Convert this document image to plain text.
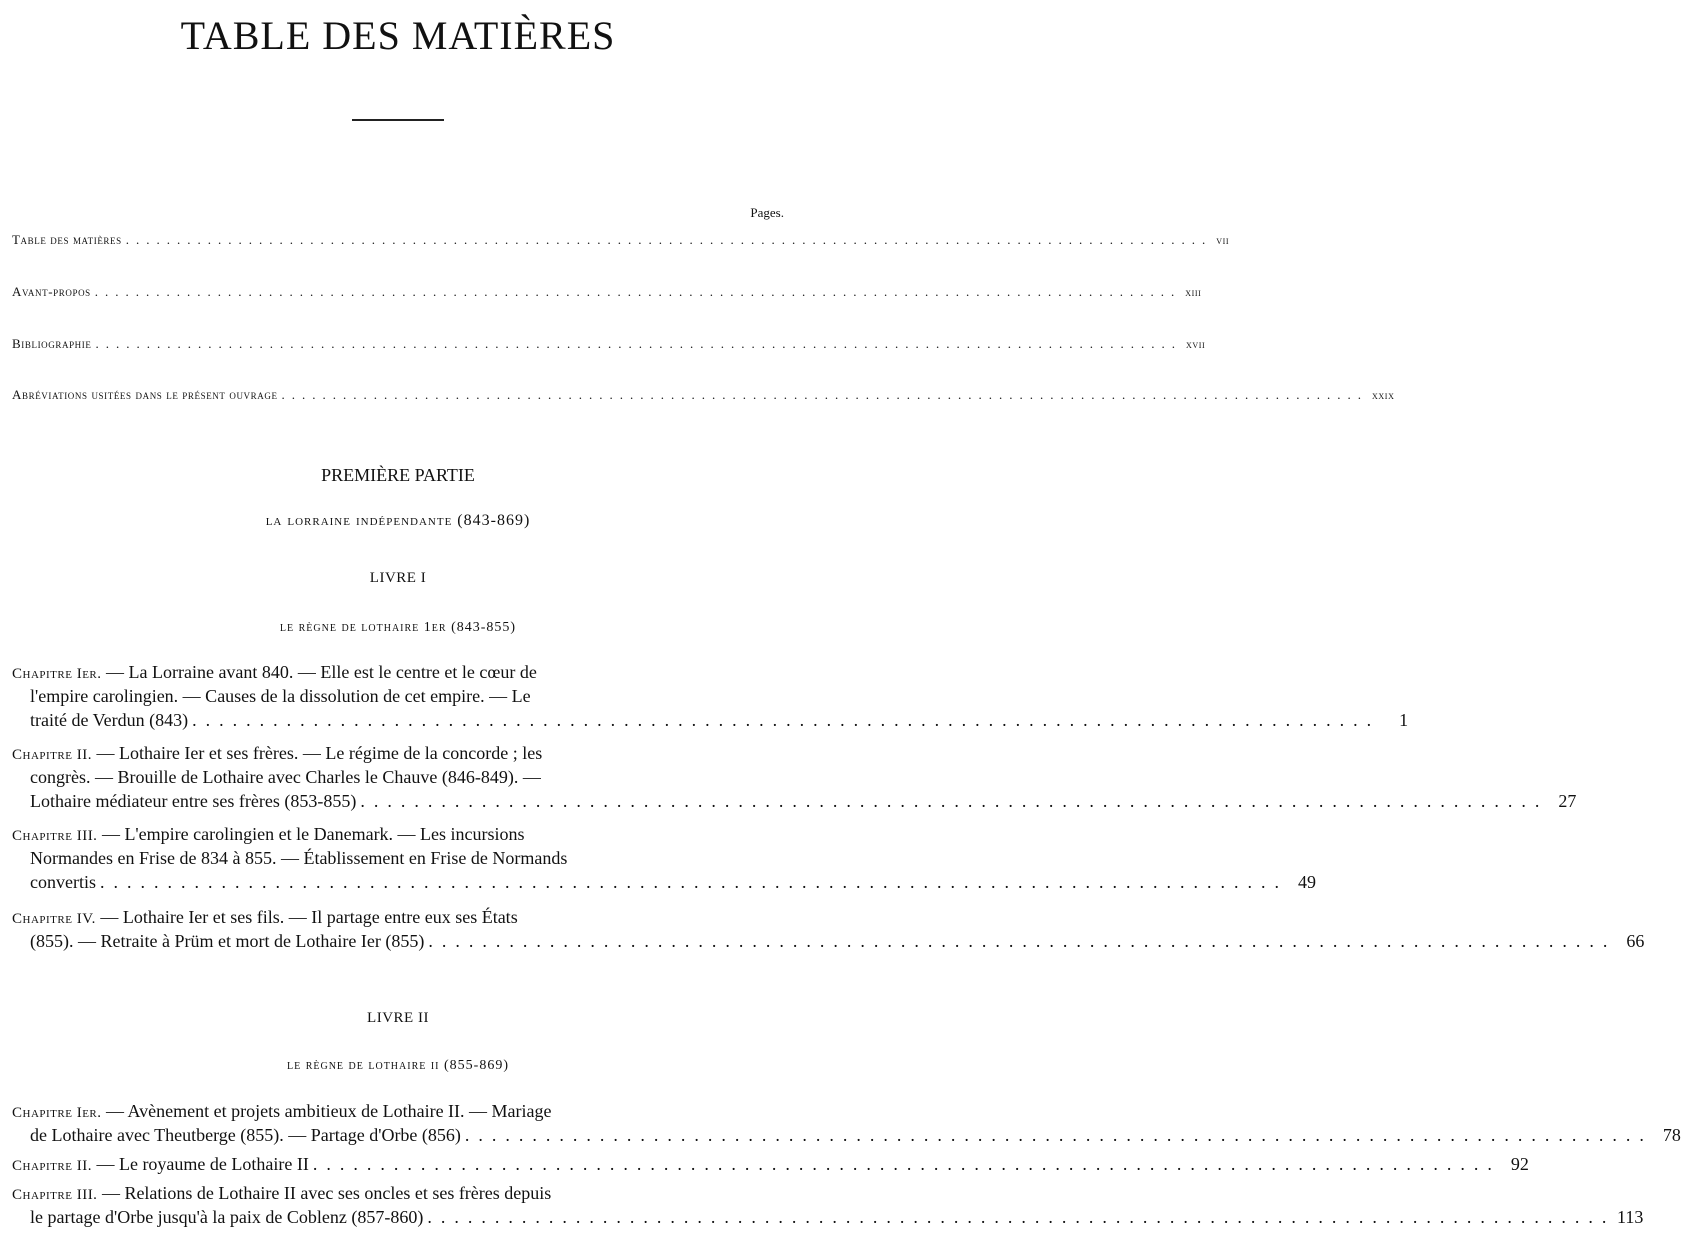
TABLE DES MATIÈRES
Pages.
Table des matières .......................................................................................................... vii
Avant-propos .......................................................................................................... xiii
Bibliographie .......................................................................................................... xvii
Abréviations usitées dans le présent ouvrage .......................................................................................................... xxix
PREMIÈRE PARTIE
la lorraine indépendante (843-869)
LIVRE I
le règne de lothaire 1er (843-855)
Chapitre Ier. — La Lorraine avant 840. — Elle est le centre et le cœur de
l'empire carolingien. — Causes de la dissolution de cet empire. — Le
traité de Verdun (843) ........................................................................................	1
Chapitre II. — Lothaire Ier et ses frères. — Le régime de la concorde ; les
congrès. — Brouille de Lothaire avec Charles le Chauve (846-849). —
Lothaire médiateur entre ses frères (853-855) ........................................................................................ 27
Chapitre III. — L'empire carolingien et le Danemark. — Les incursions
Normandes en Frise de 834 à 855. — Établissement en Frise de Normands
convertis ........................................................................................ 49
Chapitre IV. — Lothaire Ier et ses fils. — Il partage entre eux ses États
(855). — Retraite à Prüm et mort de Lothaire Ier (855) ........................................................................................ 66
LIVRE II
le règne de lothaire ii (855-869)
Chapitre Ier. — Avènement et projets ambitieux de Lothaire II. — Mariage
de Lothaire avec Theutberge (855). — Partage d'Orbe (856) ........................................................................................ 78
Chapitre II. — Le royaume de Lothaire II ........................................................................................ 92
Chapitre III. — Relations de Lothaire II avec ses oncles et ses frères depuis
le partage d'Orbe jusqu'à la paix de Coblenz (857-860) ........................................................................................ 113
